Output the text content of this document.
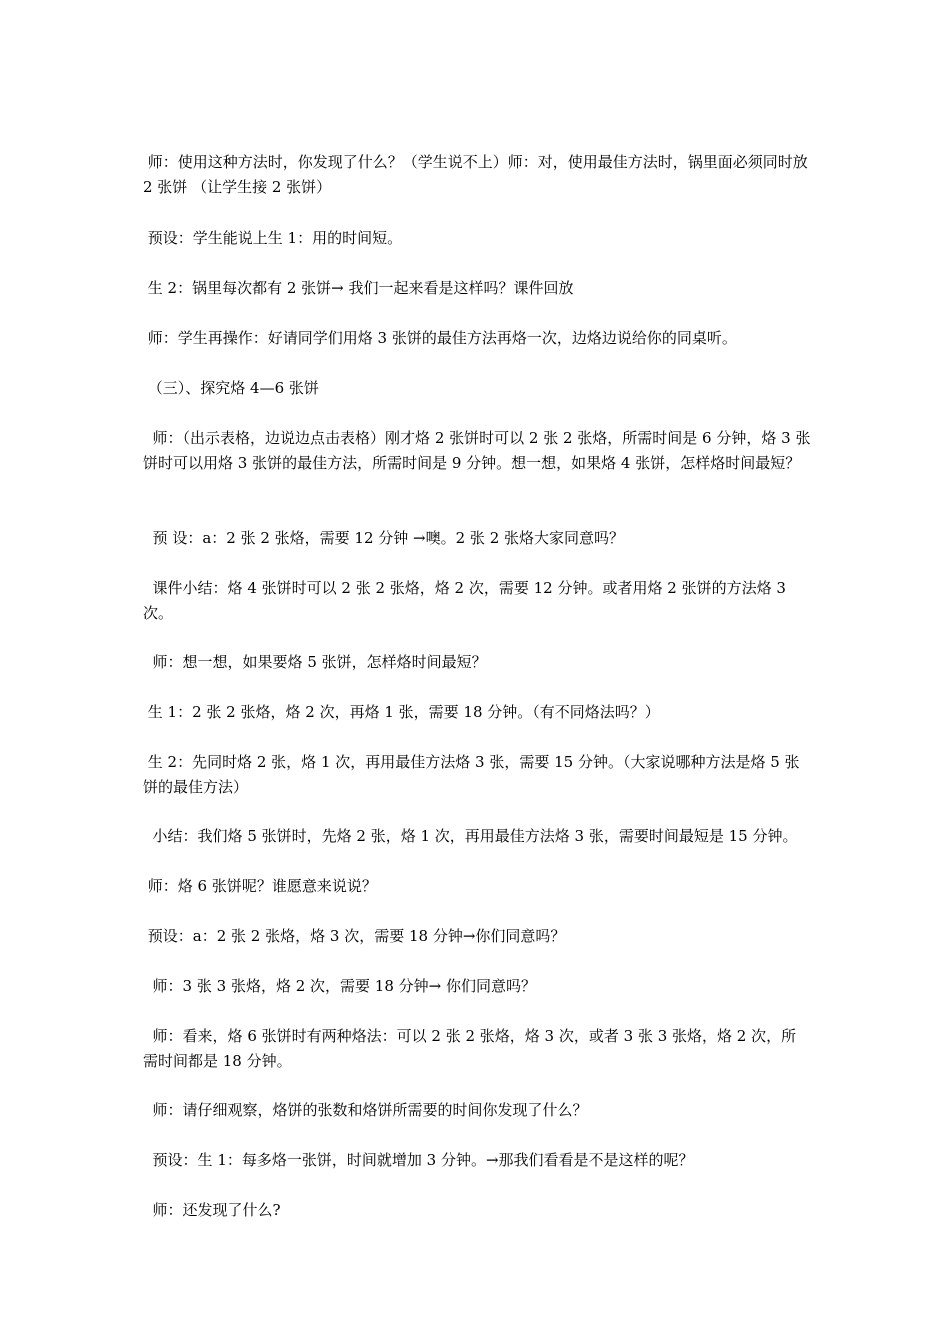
师：使用这种方法时，你发现了什么？（学生说不上）师：对，使用最佳方法时，锅里面必须同时放 2 张饼 （让学生接 2 张饼）

预设：学生能说上生 1：用的时间短。

生 2：锅里每次都有 2 张饼→ 我们一起来看是这样吗？课件回放

师：学生再操作：好请同学们用烙 3 张饼的最佳方法再烙一次，边烙边说给你的同桌听。

（三）、探究烙 4—6 张饼

师：（出示表格，边说边点击表格）刚才烙 2 张饼时可以 2 张 2 张烙，所需时间是 6 分钟，烙 3 张饼时可以用烙 3 张饼的最佳方法，所需时间是 9 分钟。想一想，如果烙 4 张饼，怎样烙时间最短？

预 设：a：2 张 2 张烙，需要 12 分钟 →噢。2 张 2 张烙大家同意吗？

课件小结：烙 4 张饼时可以 2 张 2 张烙，烙 2 次，需要 12 分钟。或者用烙 2 张饼的方法烙 3 次。

师：想一想，如果要烙 5 张饼，怎样烙时间最短？

生 1：2 张 2 张烙，烙 2 次，再烙 1 张，需要 18 分钟。（有不同烙法吗？）

生 2：先同时烙 2 张，烙 1 次，再用最佳方法烙 3 张，需要 15 分钟。（大家说哪种方法是烙 5 张饼的最佳方法）

小结：我们烙 5 张饼时，先烙 2 张，烙 1 次，再用最佳方法烙 3 张，需要时间最短是 15 分钟。

师：烙 6 张饼呢？谁愿意来说说？

预设：a：2 张 2 张烙，烙 3 次，需要 18 分钟→你们同意吗？

师：3 张 3 张烙，烙 2 次，需要 18 分钟→ 你们同意吗？

师：看来，烙 6 张饼时有两种烙法：可以 2 张 2 张烙，烙 3 次，或者 3 张 3 张烙，烙 2 次，所需时间都是 18 分钟。

师：请仔细观察，烙饼的张数和烙饼所需要的时间你发现了什么？

预设：生 1：每多烙一张饼，时间就增加 3 分钟。→那我们看看是不是这样的呢？

师：还发现了什么?
